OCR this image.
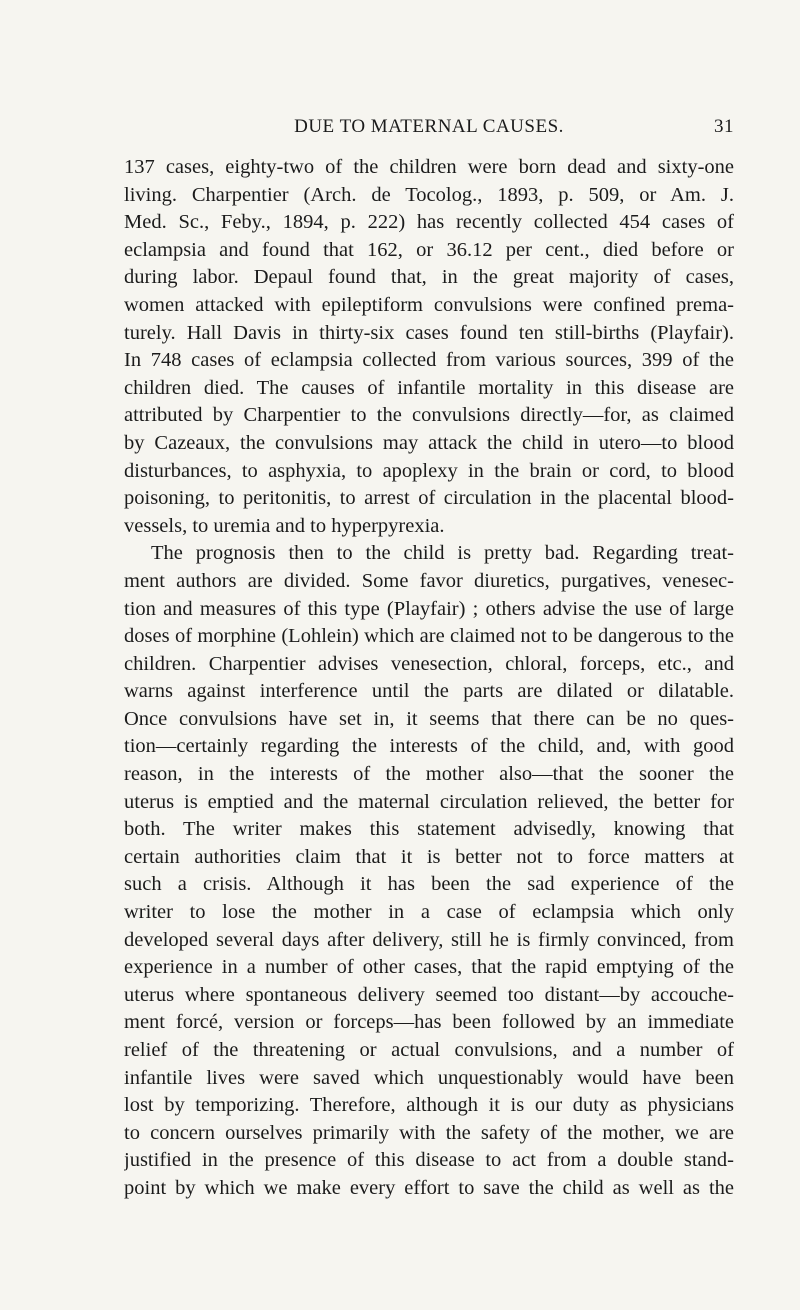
DUE TO MATERNAL CAUSES.	31
137 cases, eighty-two of the children were born dead and sixty-one
living. Charpentier (Arch. de Tocolog., 1893, p. 509, or Am. J.
Med. Sc., Feby., 1894, p. 222) has recently collected 454 cases of
eclampsia and found that 162, or 36.12 per cent., died before or
during labor. Depaul found that, in the great majority of cases,
women attacked with epileptiform convulsions were confined prema-
turely. Hall Davis in thirty-six cases found ten still-births (Playfair).
In 748 cases of eclampsia collected from various sources, 399 of the
children died. The causes of infantile mortality in this disease are
attributed by Charpentier to the convulsions directly—for, as claimed
by Cazeaux, the convulsions may attack the child in utero—to blood
disturbances, to asphyxia, to apoplexy in the brain or cord, to blood
poisoning, to peritonitis, to arrest of circulation in the placental blood-
vessels, to uremia and to hyperpyrexia.
The prognosis then to the child is pretty bad. Regarding treat-
ment authors are divided. Some favor diuretics, purgatives, venesec-
tion and measures of this type (Playfair) ; others advise the use of large
doses of morphine (Lohlein) which are claimed not to be dangerous to the
children. Charpentier advises venesection, chloral, forceps, etc., and
warns against interference until the parts are dilated or dilatable.
Once convulsions have set in, it seems that there can be no ques-
tion—certainly regarding the interests of the child, and, with good
reason, in the interests of the mother also—that the sooner the
uterus is emptied and the maternal circulation relieved, the better for
both. The writer makes this statement advisedly, knowing that
certain authorities claim that it is better not to force matters at
such a crisis. Although it has been the sad experience of the
writer to lose the mother in a case of eclampsia which only
developed several days after delivery, still he is firmly convinced, from
experience in a number of other cases, that the rapid emptying of the
uterus where spontaneous delivery seemed too distant—by accouche-
ment forcé, version or forceps—has been followed by an immediate
relief of the threatening or actual convulsions, and a number of
infantile lives were saved which unquestionably would have been
lost by temporizing. Therefore, although it is our duty as physicians
to concern ourselves primarily with the safety of the mother, we are
justified in the presence of this disease to act from a double stand-
point by which we make every effort to save the child as well as the
